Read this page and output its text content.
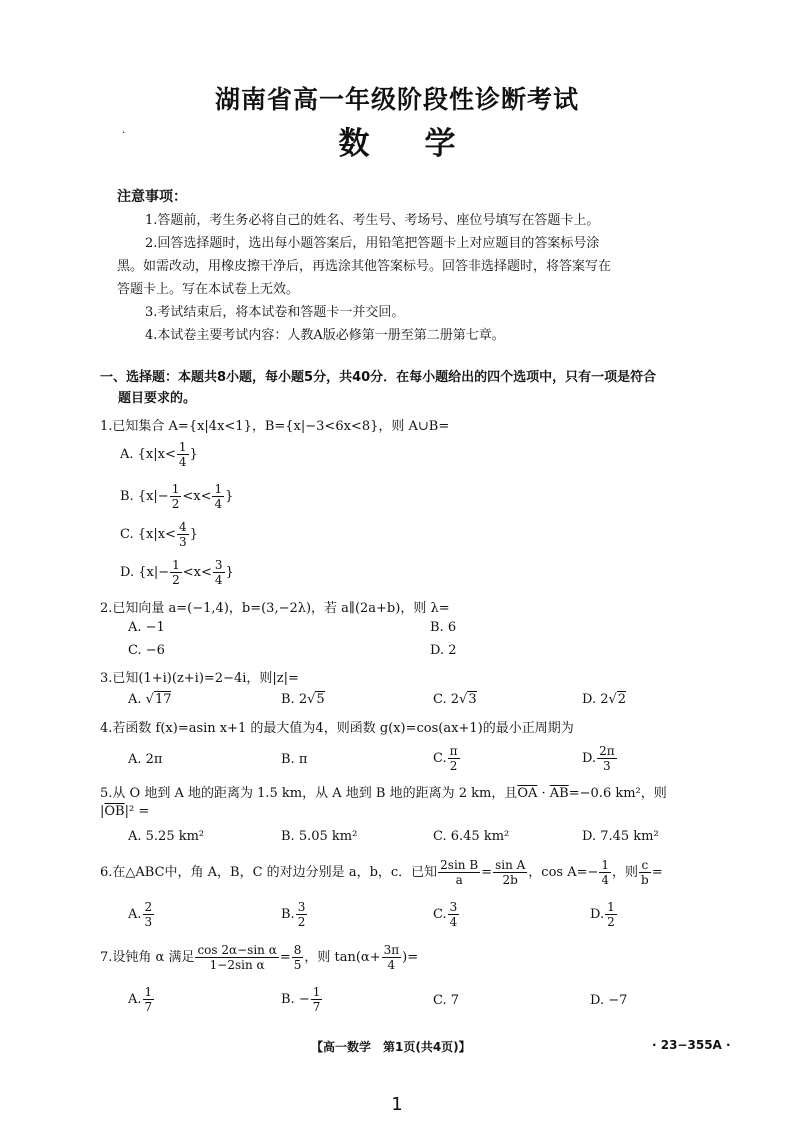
湖南省高一年级阶段性诊断考试
数 学
·
注意事项：
1.答题前，考生务必将自己的姓名、考生号、考场号、座位号填写在答题卡上。
2.回答选择题时，选出每小题答案后，用铅笔把答题卡上对应题目的答案标号涂
黑。如需改动，用橡皮擦干净后，再选涂其他答案标号。回答非选择题时，将答案写在
答题卡上。写在本试卷上无效。
3.考试结束后，将本试卷和答题卡一并交回。
4.本试卷主要考试内容：人教A版必修第一册至第二册第七章。
一、选择题：本题共8小题，每小题5分，共40分．在每小题给出的四个选项中，只有一项是符合
题目要求的。
1.已知集合 A={x|4x<1}，B={x|−3<6x<8}，则 A∪B=
A. {$x|x< \frac{1}{4}$ }
B. {$x|- \frac{1}{2} <x< \frac{1}{4}$ }
C. {$x|x< \frac{4}{3}$ }
D. {$x|- \frac{1}{2} <x< \frac{3}{4}$ }
2.已知向量 a=(−1,4)，b=(3,−2λ)，若 a∥(2a+b)，则 λ=
A. −1	B. 6
C. −6	D. 2
3.已知(1+i)(z+i)=2−4i，则|z|=
A. √17	B. 2√5	C. 2√3	D. 2√2
4.若函数 f(x)=asin x+1 的最大值为4，则函数 g(x)=cos(ax+1)的最小正周期为
A. 2π	B. π	C. $\frac{\pi}{2}$	D. $\frac{2\pi}{3}$
5.从 O 地到 A 地的距离为 1.5 km，从 A 地到 B 地的距离为 2 km，且$\overline{OA} \cdot \overline{AB}=-0.6$ km²，则
$|\overline{OB}|^2$ =
A. 5.25 km²	B. 5.05 km²	C. 6.45 km²	D. 7.45 km²
6.在△ABC中，角 A，B，C 的对边分别是 a，b，c．已知 $\frac{\text{2sin B}}{a} = \frac{\text{sin A}}{2b}$ ，$\cos A=- \frac{1}{4}$ ，则 $\frac{c}{b}$ =
A. $\frac{2}{3}$	B. $\frac{3}{2}$	C. $\frac{3}{4}$	D. $\frac{1}{2}$
7.设钝角 α 满足 $\frac{\text{cos 2α−sin α}}{\text{1−2sin α}} = \frac{8}{5}$ ，则 $\tan(\alpha+ \frac{3\pi}{4}$ )=
A. $\frac{1}{7}$	B. − $\frac{1}{7}$	C. 7	D. −7
【高一数学　第1页(共4页)】	· 23−355A ·
1
